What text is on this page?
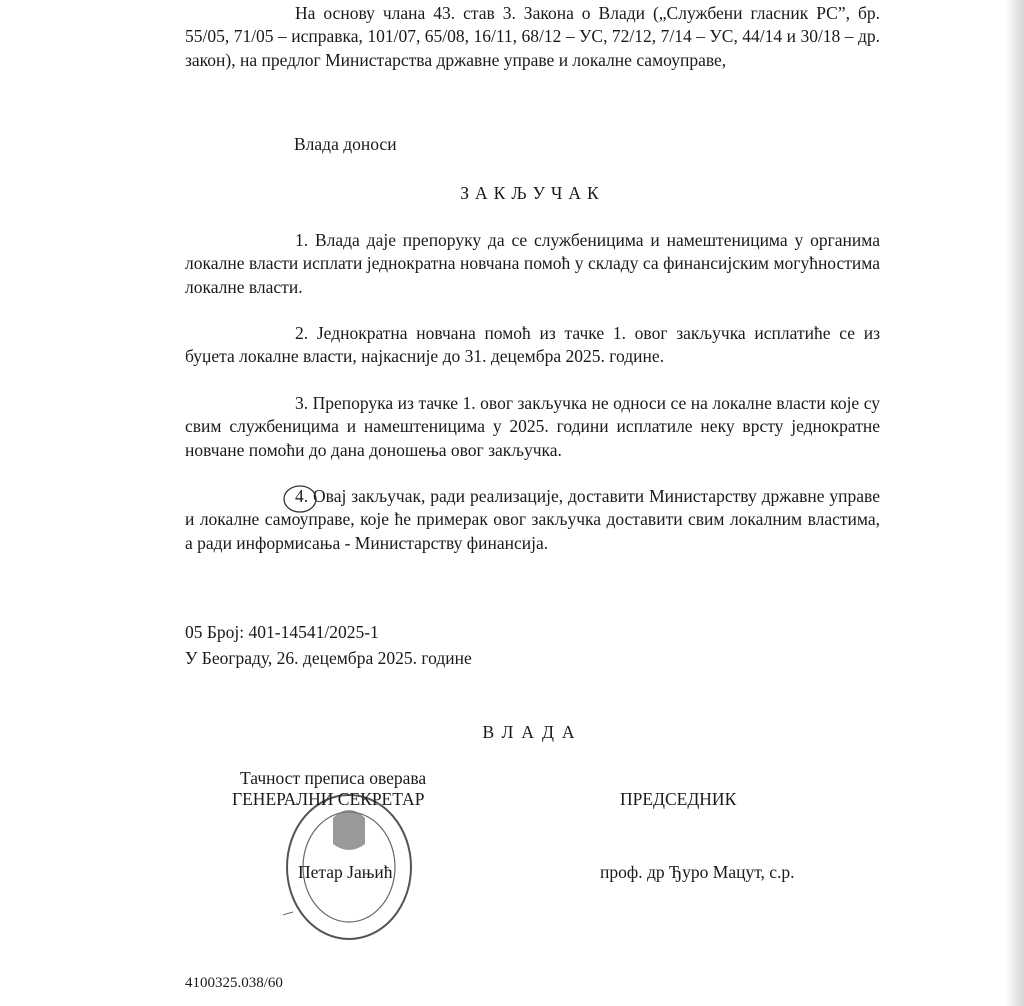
На основу члана 43. став 3. Закона о Влади („Службени гласник РС”, бр. 55/05, 71/05 – исправка, 101/07, 65/08, 16/11, 68/12 – УС, 72/12, 7/14 – УС, 44/14 и 30/18 – др. закон), на предлог Министарства државне управе и локалне самоуправе,
Влада доноси
ЗАКЉУЧАК
1. Влада даје препоруку да се службеницима и намештеницима у органима локалне власти исплати једнократна новчана помоћ у складу са финансијским могућностима локалне власти.
2. Једнократна новчана помоћ из тачке 1. овог закључка исплатиће се из буџета локалне власти, најкасније до 31. децембра 2025. године.
3. Препорука из тачке 1. овог закључка не односи се на локалне власти које су свим службеницима и намештеницима у 2025. години исплатиле неку врсту једнократне новчане помоћи до дана доношења овог закључка.
4. Овај закључак, ради реализације, доставити Министарству државне управе и локалне самоуправе, које ће примерак овог закључка доставити свим локалним властима, а ради информисања - Министарству финансија.
05 Број: 401-14541/2025-1
У Београду, 26. децембра 2025. године
ВЛАДА
Тачност преписа оверава
ГЕНЕРАЛНИ СЕКРЕТАР	ПРЕДСЕДНИК
Петар Јањић	проф. др Ђуро Мацут, с.р.
4100325.038/60
